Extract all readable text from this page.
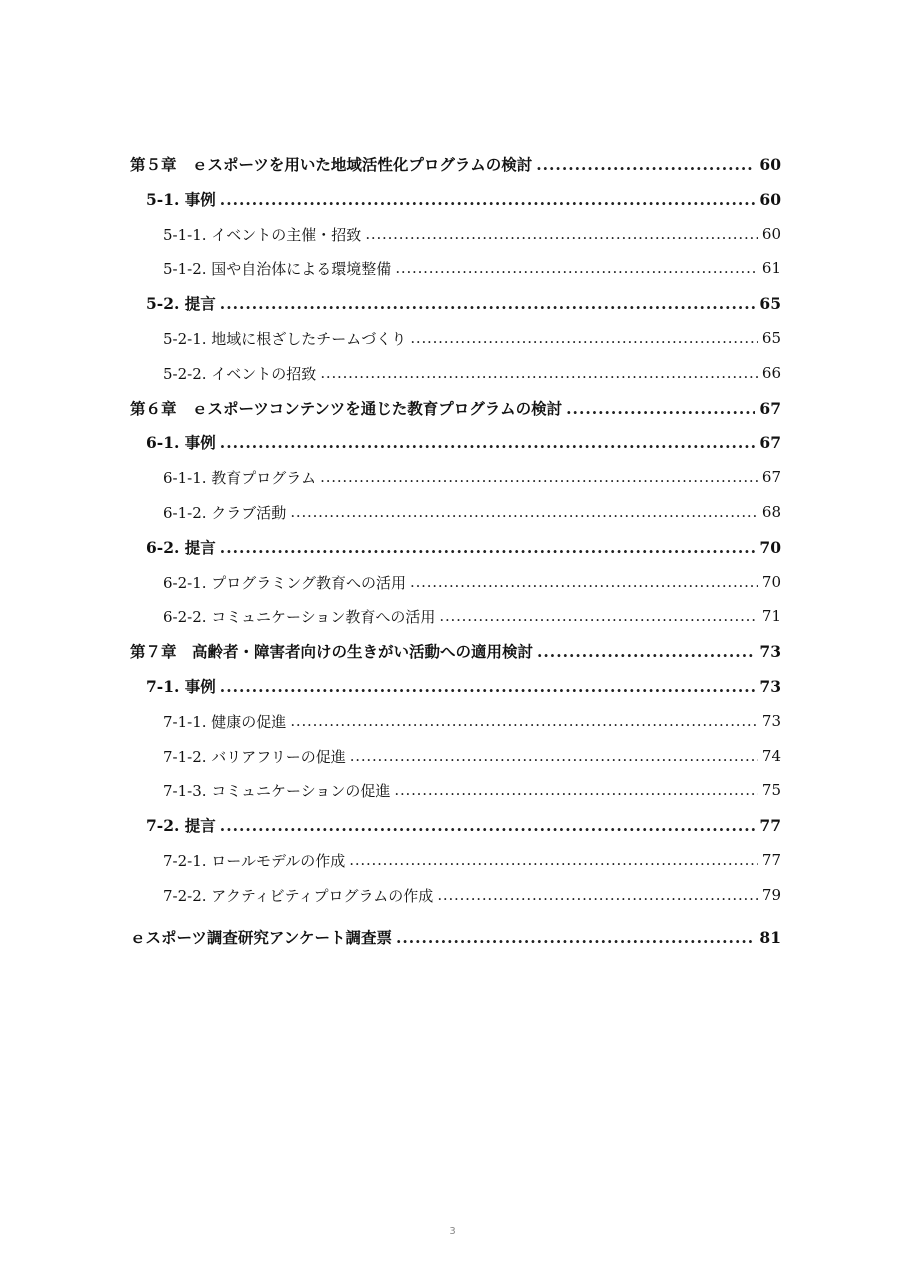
第５章　ｅスポーツを用いた地域活性化プログラムの検討 .....	60
5-1. 事例 .....	60
5-1-1. イベントの主催・招致 .....	60
5-1-2. 国や自治体による環境整備 .....	61
5-2. 提言 .....	65
5-2-1. 地域に根ざしたチームづくり .....	65
5-2-2. イベントの招致 .....	66
第６章　ｅスポーツコンテンツを通じた教育プログラムの検討 .....	67
6-1. 事例 .....	67
6-1-1. 教育プログラム .....	67
6-1-2. クラブ活動 .....	68
6-2. 提言 .....	70
6-2-1. プログラミング教育への活用 .....	70
6-2-2. コミュニケーション教育への活用 .....	71
第７章　高齢者・障害者向けの生きがい活動への適用検討 .....	73
7-1. 事例 .....	73
7-1-1. 健康の促進 .....	73
7-1-2. バリアフリーの促進 .....	74
7-1-3. コミュニケーションの促進 .....	75
7-2. 提言 .....	77
7-2-1. ロールモデルの作成 .....	77
7-2-2. アクティビティプログラムの作成 .....	79
ｅスポーツ調査研究アンケート調査票 .....	81
3
